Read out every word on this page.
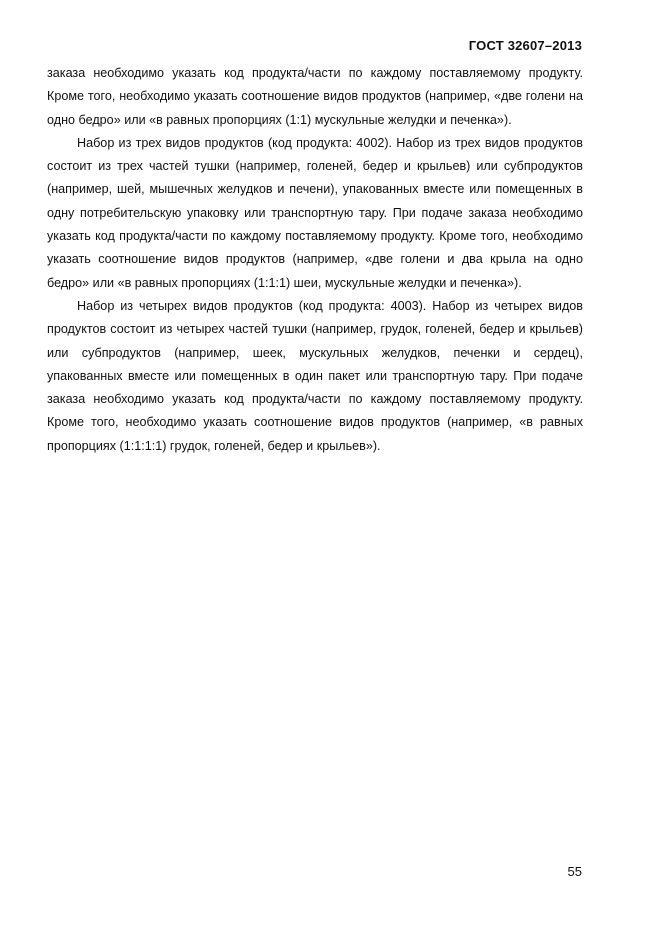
ГОСТ 32607–2013

заказа необходимо указать код продукта/части по каждому поставляемому продукту. Кроме того, необходимо указать соотношение видов продуктов (например, «две голени на одно бедро» или «в равных пропорциях (1:1) мускульные желудки и печенка»).

Набор из трех видов продуктов (код продукта: 4002). Набор из трех видов продуктов состоит из трех частей тушки (например, голеней, бедер и крыльев) или субпродуктов (например, шей, мышечных желудков и печени), упакованных вместе или помещенных в одну потребительскую упаковку или транспортную тару. При подаче заказа необходимо указать код продукта/части по каждому поставляемому продукту. Кроме того, необходимо указать соотношение видов продуктов (например, «две голени и два крыла на одно бедро» или «в равных пропорциях (1:1:1) шеи, мускульные желудки и печенка»).

Набор из четырех видов продуктов (код продукта: 4003). Набор из четырех видов продуктов состоит из четырех частей тушки (например, грудок, голеней, бедер и крыльев) или субпродуктов (например, шеек, мускульных желудков, печенки и сердец), упакованных вместе или помещенных в один пакет или транспортную тару. При подаче заказа необходимо указать код продукта/части по каждому поставляемому продукту. Кроме того, необходимо указать соотношение видов продуктов (например, «в равных пропорциях (1:1:1:1) грудок, голеней, бедер и крыльев»).

55
